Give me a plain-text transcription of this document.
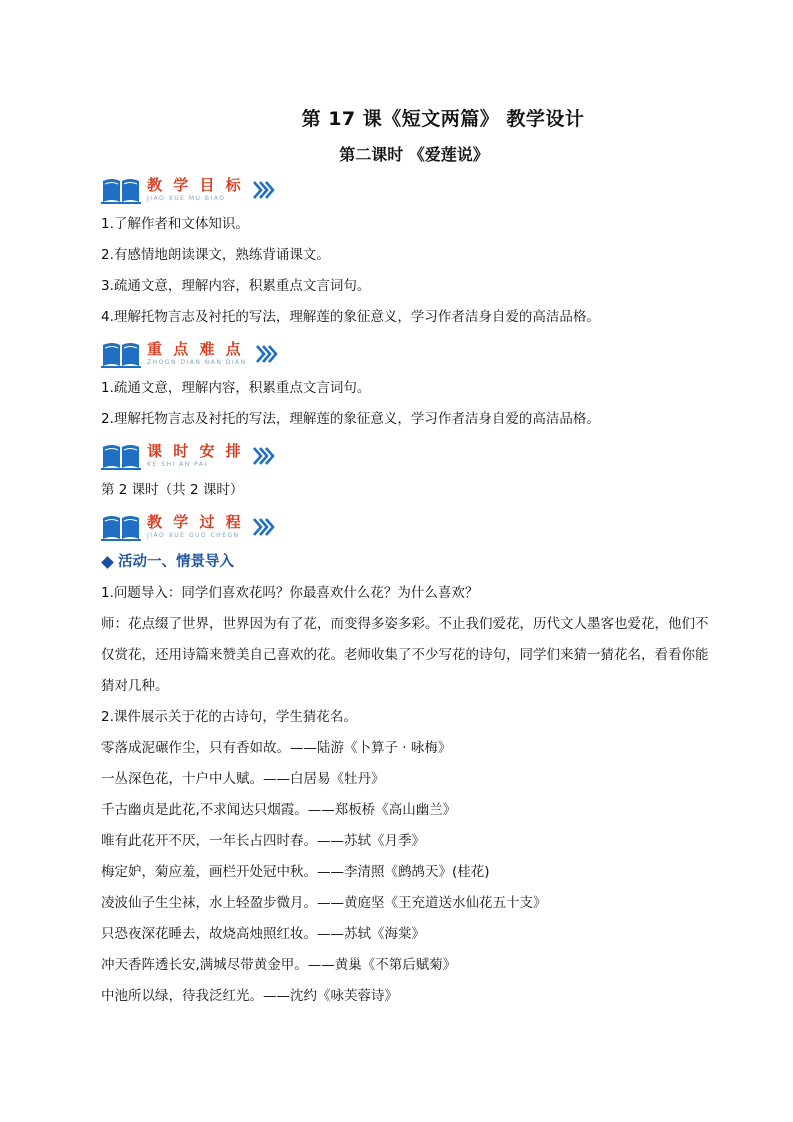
第 17 课《短文两篇》 教学设计
第二课时 《爱莲说》
教 学 目 标
JIAO XUE MU BIAO
1.了解作者和文体知识。
2.有感情地朗读课文，熟练背诵课文。
3.疏通文意，理解内容，积累重点文言词句。
4.理解托物言志及衬托的写法，理解莲的象征意义，学习作者洁身自爱的高洁品格。
重 点 难 点
ZHOGN DIAN NAN DIAN
1.疏通文意，理解内容，积累重点文言词句。
2.理解托物言志及衬托的写法，理解莲的象征意义，学习作者洁身自爱的高洁品格。
课 时 安 排
KE SHI AN PAI
第 2 课时（共 2 课时）
教 学 过 程
JIAO XUE GUO CHEGN
活动一、情景导入
1.问题导入：同学们喜欢花吗？你最喜欢什么花？为什么喜欢？
师：花点缀了世界，世界因为有了花，而变得多姿多彩。不止我们爱花，历代文人墨客也爱花，他们不仅赏花，还用诗篇来赞美自己喜欢的花。老师收集了不少写花的诗句，同学们来猜一猜花名，看看你能猜对几种。
2.课件展示关于花的古诗句，学生猜花名。
零落成泥碾作尘，只有香如故。——陆游《卜算子 · 咏梅》
一丛深色花，十户中人赋。——白居易《牡丹》
千古幽贞是此花,不求闻达只烟霞。——郑板桥《高山幽兰》
唯有此花开不厌，一年长占四时春。——苏轼《月季》
梅定妒，菊应羞，画栏开处冠中秋。——李清照《鹧鸪天》(桂花)
凌波仙子生尘袜，水上轻盈步微月。——黄庭坚《王充道送水仙花五十支》
只恐夜深花睡去，故烧高烛照红妆。——苏轼《海棠》
冲天香阵透长安,满城尽带黄金甲。——黄巢《不第后赋菊》
中池所以绿，待我泛红光。——沈约《咏芙蓉诗》
